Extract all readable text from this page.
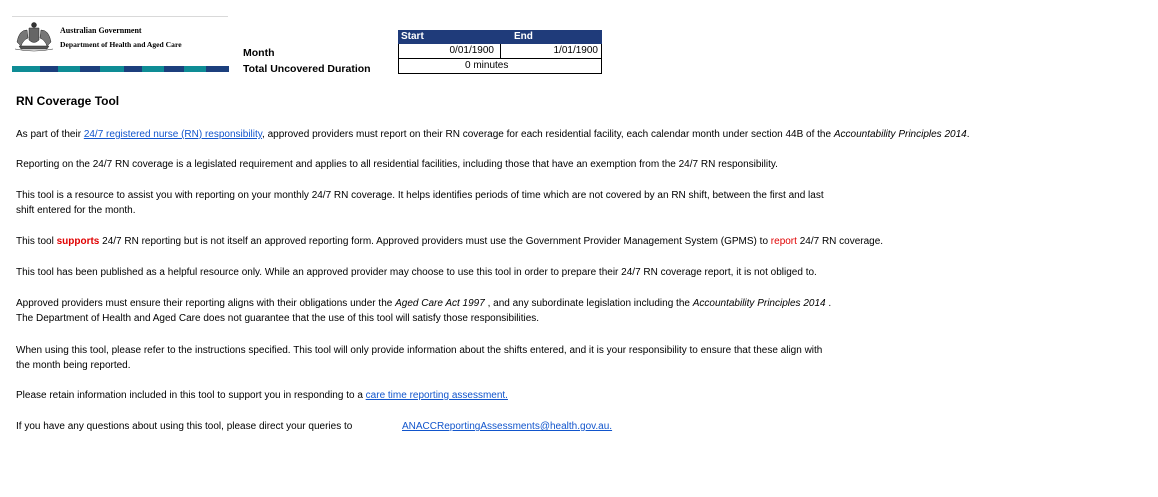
Australian Government
Department of Health and Aged Care
Month
Total Uncovered Duration
Start	End
0/01/1900	1/01/1900
0 minutes
RN Coverage Tool
As part of their 24/7 registered nurse (RN) responsibility, approved providers must report on their RN coverage for each residential facility, each calendar month under section 44B of the Accountability Principles 2014.
Reporting on the 24/7 RN coverage is a legislated requirement and applies to all residential facilities, including those that have an exemption from the 24/7 RN responsibility.
This tool is a resource to assist you with reporting on your monthly 24/7 RN coverage. It helps identifies periods of time which are not covered by an RN shift, between the first and last
shift entered for the month.
This tool supports 24/7 RN reporting but is not itself an approved reporting form. Approved providers must use the Government Provider Management System (GPMS) to report 24/7 RN coverage.
This tool has been published as a helpful resource only. While an approved provider may choose to use this tool in order to prepare their 24/7 RN coverage report, it is not obliged to.
Approved providers must ensure their reporting aligns with their obligations under the Aged Care Act 1997 , and any subordinate legislation including the Accountability Principles 2014 .
The Department of Health and Aged Care does not guarantee that the use of this tool will satisfy those responsibilities.
When using this tool, please refer to the instructions specified. This tool will only provide information about the shifts entered, and it is your responsibility to ensure that these align with
the month being reported.
Please retain information included in this tool to support you in responding to a care time reporting assessment.
If you have any questions about using this tool, please direct your queries to	ANACCReportingAssessments@health.gov.au.
